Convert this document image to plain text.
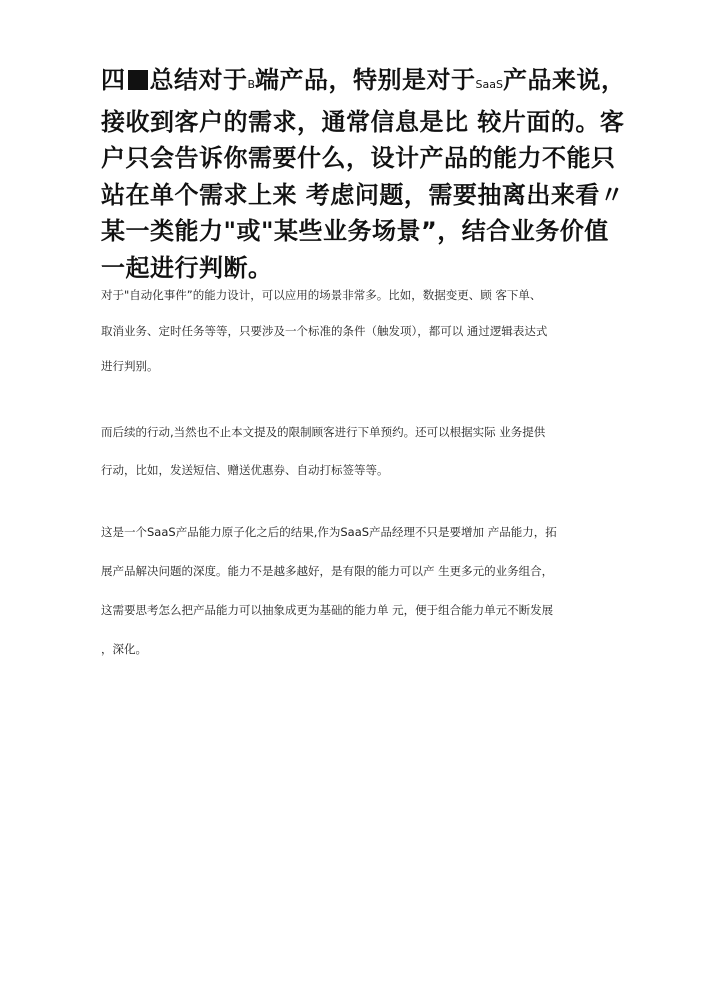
四 总结对于B端产品，特别是对于SaaS产品来说，
接收到客户的需求，通常信息是比 较片面的。客
户只会告诉你需要什么，设计产品的能力不能只
站在单个需求上来 考虑问题，需要抽离出来看〃
某一类能力"或"某些业务场景”，结合业务价值
一起进行判断。

对于"自动化事件”的能力设计，可以应用的场景非常多。比如，数据变更、顾 客下单、
取消业务、定时任务等等，只要涉及一个标准的条件（触发项），都可以 通过逻辑表达式
进行判别。

而后续的行动,当然也不止本文提及的限制顾客进行下单预约。还可以根据实际 业务提供
行动，比如，发送短信、赠送优惠券、自动打标签等等。

这是一个SaaS产品能力原子化之后的结果,作为SaaS产品经理不只是要增加 产品能力，拓
展产品解决问题的深度。能力不是越多越好，是有限的能力可以产 生更多元的业务组合，
这需要思考怎么把产品能力可以抽象成更为基础的能力单 元，便于组合能力单元不断发展
，深化。
